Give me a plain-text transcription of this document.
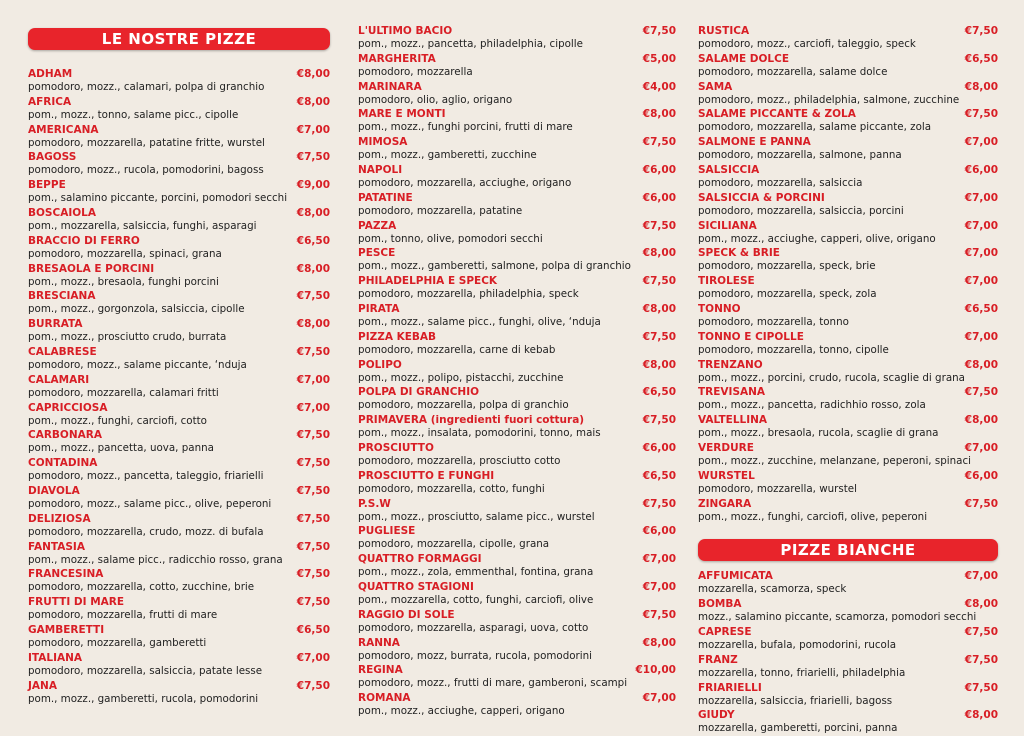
LE NOSTRE PIZZE
ADHAM	€8,00
pomodoro, mozz., calamari, polpa di granchio
AFRICA	€8,00
pom., mozz., tonno, salame picc., cipolle
AMERICANA	€7,00
pomodoro, mozzarella, patatine fritte, wurstel
BAGOSS	€7,50
pomodoro, mozz., rucola, pomodorini, bagoss
BEPPE	€9,00
pom., salamino piccante, porcini, pomodori secchi
BOSCAIOLA	€8,00
pom., mozzarella, salsiccia, funghi, asparagi
BRACCIO DI FERRO	€6,50
pomodoro, mozzarella, spinaci, grana
BRESAOLA E PORCINI	€8,00
pom., mozz., bresaola, funghi porcini
BRESCIANA	€7,50
pom., mozz., gorgonzola, salsiccia, cipolle
BURRATA	€8,00
pom., mozz., prosciutto crudo, burrata
CALABRESE	€7,50
pomodoro, mozz., salame piccante, ‘nduja
CALAMARI	€7,00
pomodoro, mozzarella, calamari fritti
CAPRICCIOSA	€7,00
pom., mozz., funghi, carciofi, cotto
CARBONARA	€7,50
pom., mozz., pancetta, uova, panna
CONTADINA	€7,50
pomodoro, mozz., pancetta, taleggio, friarielli
DIAVOLA	€7,50
pomodoro, mozz., salame picc., olive, peperoni
DELIZIOSA	€7,50
pomodoro, mozzarella, crudo, mozz. di bufala
FANTASIA	€7,50
pom., mozz., salame picc., radicchio rosso, grana
FRANCESINA	€7,50
pomodoro, mozzarella, cotto, zucchine, brie
FRUTTI DI MARE	€7,50
pomodoro, mozzarella, frutti di mare
GAMBERETTI	€6,50
pomodoro, mozzarella, gamberetti
ITALIANA	€7,00
pomodoro, mozzarella, salsiccia, patate lesse
JANA	€7,50
pom., mozz., gamberetti, rucola, pomodorini
L'ULTIMO BACIO	€7,50
pom., mozz., pancetta, philadelphia, cipolle
MARGHERITA	€5,00
pomodoro, mozzarella
MARINARA	€4,00
pomodoro, olio, aglio, origano
MARE E MONTI	€8,00
pom., mozz., funghi porcini, frutti di mare
MIMOSA	€7,50
pom., mozz., gamberetti, zucchine
NAPOLI	€6,00
pomodoro, mozzarella, acciughe, origano
PATATINE	€6,00
pomodoro, mozzarella, patatine
PAZZA	€7,50
pom., tonno, olive, pomodori secchi
PESCE	€8,00
pom., mozz., gamberetti, salmone, polpa di granchio
PHILADELPHIA E SPECK	€7,50
pomodoro, mozzarella, philadelphia, speck
PIRATA	€8,00
pom., mozz., salame picc., funghi, olive, ‘nduja
PIZZA KEBAB	€7,50
pomodoro, mozzarella, carne di kebab
POLIPO	€8,00
pom., mozz., polipo, pistacchi, zucchine
POLPA DI GRANCHIO	€6,50
pomodoro, mozzarella, polpa di granchio
PRIMAVERA (ingredienti fuori cottura)	€7,50
pom., mozz., insalata, pomodorini, tonno, mais
PROSCIUTTO	€6,00
pomodoro, mozzarella, prosciutto cotto
PROSCIUTTO E FUNGHI	€6,50
pomodoro, mozzarella, cotto, funghi
P.S.W	€7,50
pom., mozz., prosciutto, salame picc., wurstel
PUGLIESE	€6,00
pomodoro, mozzarella, cipolle, grana
QUATTRO FORMAGGI	€7,00
pom., mozz., zola, emmenthal, fontina, grana
QUATTRO STAGIONI	€7,00
pom., mozzarella, cotto, funghi, carciofi, olive
RAGGIO DI SOLE	€7,50
pomodoro, mozzarella, asparagi, uova, cotto
RANNA	€8,00
pomodoro, mozz, burrata, rucola, pomodorini
REGINA	€10,00
pomodoro, mozz., frutti di mare, gamberoni, scampi
ROMANA	€7,00
pom., mozz., acciughe, capperi, origano
RUSTICA	€7,50
pomodoro, mozz., carciofi, taleggio, speck
SALAME DOLCE	€6,50
pomodoro, mozzarella, salame dolce
SAMA	€8,00
pomodoro, mozz., philadelphia, salmone, zucchine
SALAME PICCANTE & ZOLA	€7,50
pomodoro, mozzarella, salame piccante, zola
SALMONE E PANNA	€7,00
pomodoro, mozzarella, salmone, panna
SALSICCIA	€6,00
pomodoro, mozzarella, salsiccia
SALSICCIA & PORCINI	€7,00
pomodoro, mozzarella, salsiccia, porcini
SICILIANA	€7,00
pom., mozz., acciughe, capperi, olive, origano
SPECK & BRIE	€7,00
pomodoro, mozzarella, speck, brie
TIROLESE	€7,00
pomodoro, mozzarella, speck, zola
TONNO	€6,50
pomodoro, mozzarella, tonno
TONNO E CIPOLLE	€7,00
pomodoro, mozzarella, tonno, cipolle
TRENZANO	€8,00
pom., mozz., porcini, crudo, rucola, scaglie di grana
TREVISANA	€7,50
pom., mozz., pancetta, radichhio rosso, zola
VALTELLINA	€8,00
pom., mozz., bresaola, rucola, scaglie di grana
VERDURE	€7,00
pom., mozz., zucchine, melanzane, peperoni, spinaci
WURSTEL	€6,00
pomodoro, mozzarella, wurstel
ZINGARA	€7,50
pom., mozz., funghi, carciofi, olive, peperoni
PIZZE BIANCHE
AFFUMICATA	€7,00
mozzarella, scamorza, speck
BOMBA	€8,00
mozz., salamino piccante, scamorza, pomodori secchi
CAPRESE	€7,50
mozzarella, bufala, pomodorini, rucola
FRANZ	€7,50
mozzarella, tonno, friarielli, philadelphia
FRIARIELLI	€7,50
mozzarella, salsiccia, friarielli, bagoss
GIUDY	€8,00
mozzarella, gamberetti, porcini, panna
